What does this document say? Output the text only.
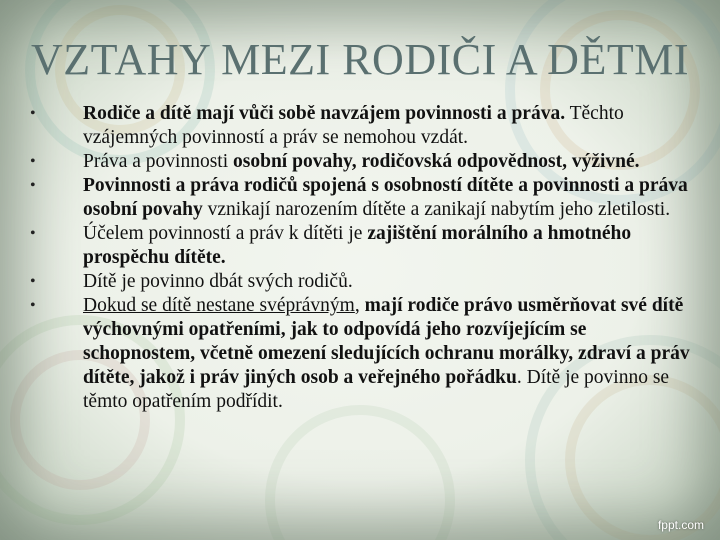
VZTAHY MEZI RODIČI A DĚTMI
•	Rodiče a dítě mají vůči sobě navzájem povinnosti a práva. Těchto vzájemných povinností a práv se nemohou vzdát.
•	Práva a povinnosti osobní povahy, rodičovská odpovědnost, výživné.
•	Povinnosti a práva rodičů spojená s osobností dítěte a povinnosti a práva osobní povahy vznikají narozením dítěte a zanikají nabytím jeho zletilosti.
•	Účelem povinností a práv k dítěti je zajištění morálního a hmotného prospěchu dítěte.
•	Dítě je povinno dbát svých rodičů.
•	Dokud se dítě nestane svéprávným, mají rodiče právo usměrňovat své dítě výchovnými opatřeními, jak to odpovídá jeho rozvíjejícím se schopnostem, včetně omezení sledujících ochranu morálky, zdraví a práv dítěte, jakož i práv jiných osob a veřejného pořádku. Dítě je povinno se těmto opatřením podřídit.
fppt.com
